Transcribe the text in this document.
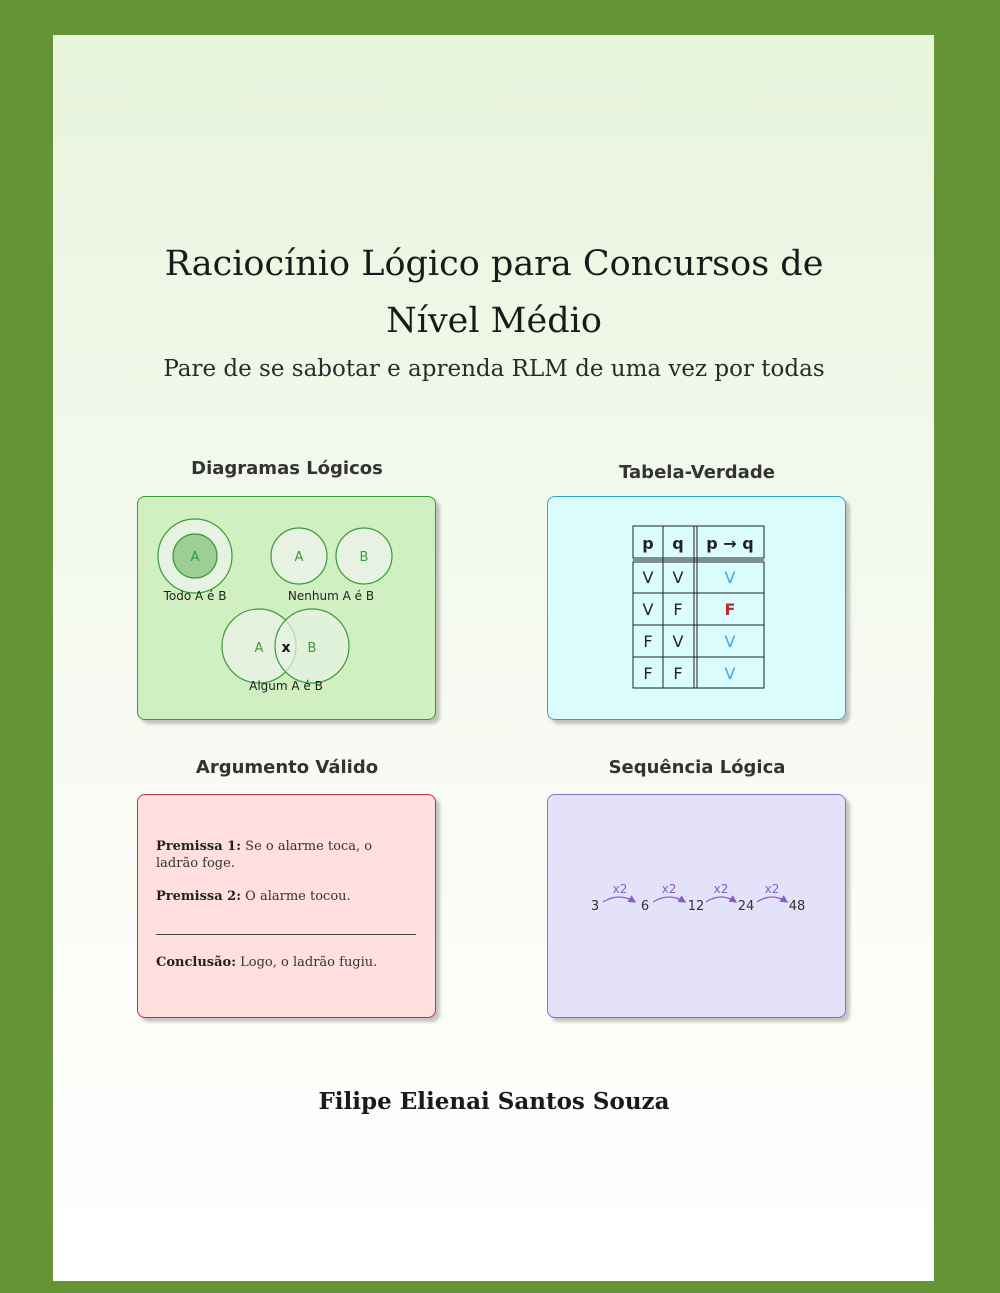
Raciocínio Lógico para Concursos de
Nível Médio
Pare de se sabotar e aprenda RLM de uma vez por todas
Diagramas Lógicos	Tabela-Verdade
Argumento Válido	Sequência Lógica
A
Todo A é B
A	B
Nenhum A é B
A x B
Algum A é B
p q p → q
V V	V
V F	F
F V	V
F F	V
Premissa 1: Se o alarme toca, o ladrão foge.
Premissa 2: O alarme tocou.
Conclusão: Logo, o ladrão fugiu.
3	6	12	24	48
x2	x2	x2	x2
Filipe Elienai Santos Souza
